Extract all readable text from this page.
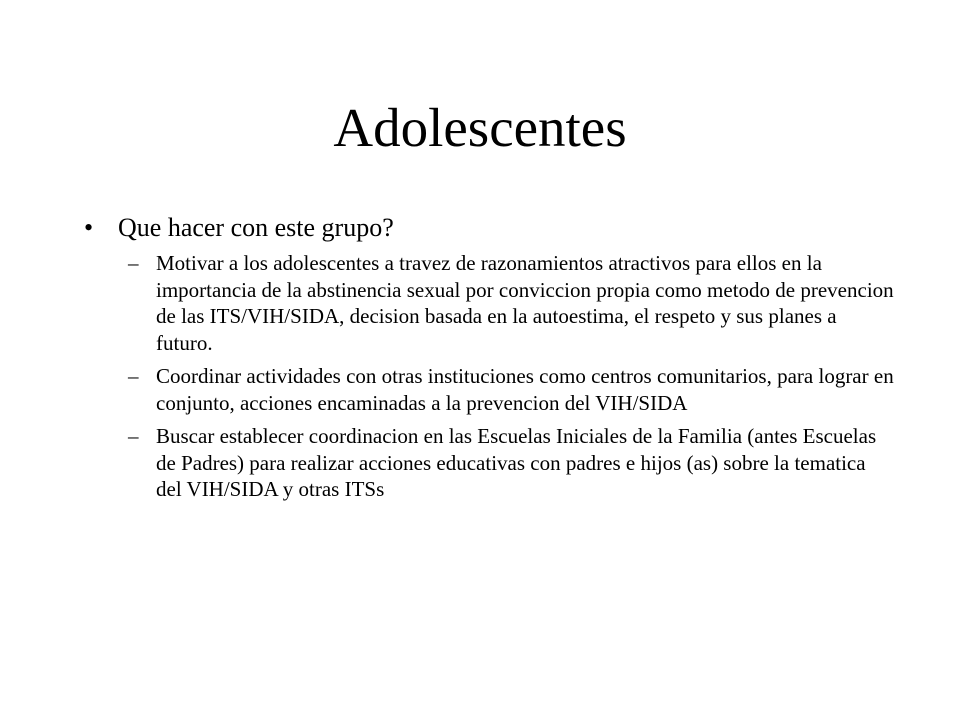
Adolescentes
• Que hacer con este grupo?
– Motivar a los adolescentes a travez de razonamientos atractivos para ellos en la importancia de la abstinencia sexual por conviccion propia como metodo de prevencion de las ITS/VIH/SIDA, decision basada en la autoestima, el respeto y sus planes a futuro.
– Coordinar actividades con otras instituciones como centros comunitarios, para lograr en conjunto, acciones encaminadas a la prevencion del VIH/SIDA
– Buscar establecer coordinacion en las Escuelas Iniciales de la Familia (antes Escuelas de Padres) para realizar acciones educativas con padres e hijos (as) sobre la tematica del VIH/SIDA y otras ITSs
